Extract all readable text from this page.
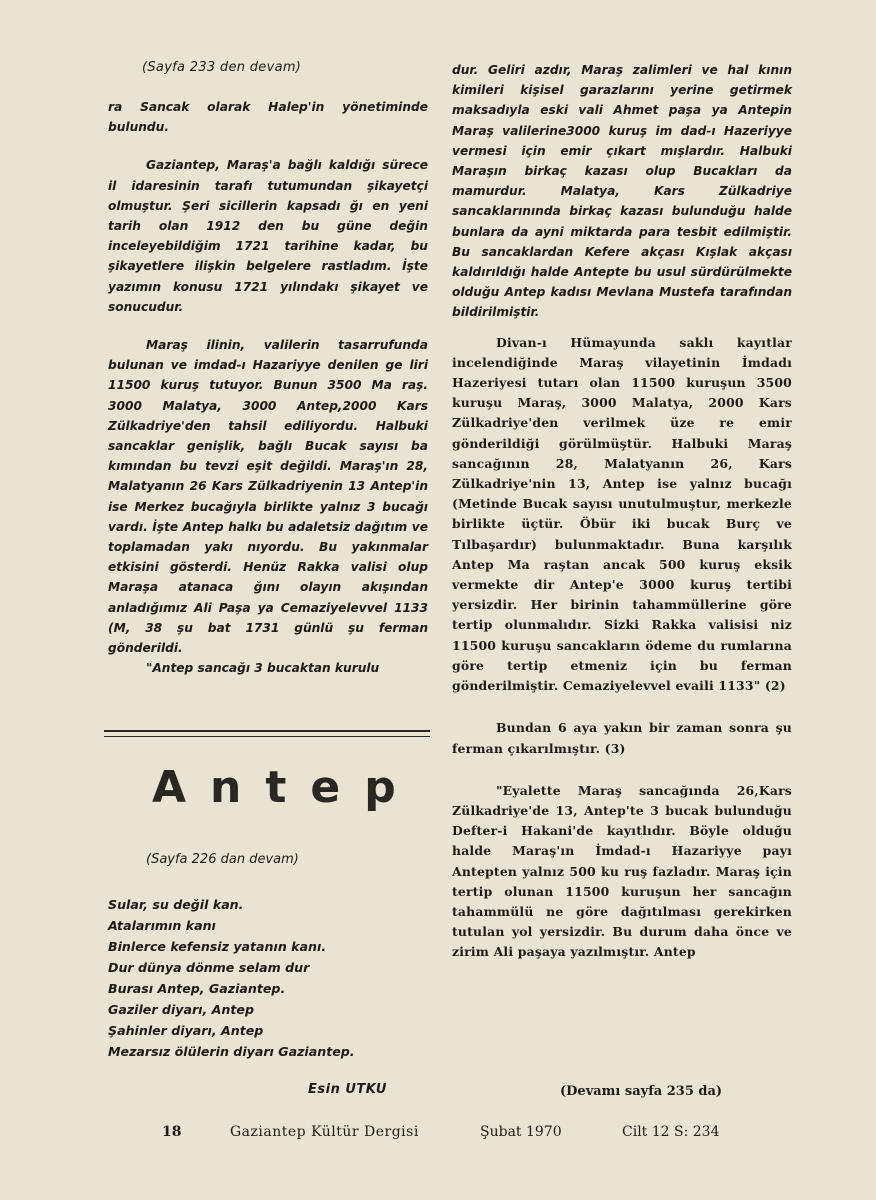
(Sayfa 233 den devam)

ra Sancak olarak Halep'in yönetiminde bulundu.

Gaziantep, Maraş'a bağlı kaldığı sürece il idaresinin tarafı tutumundan şikayetçi olmuştur. Şeri sicillerin kapsadı ğı en yeni tarih olan 1912 den bu güne değin inceleyebildiğim 1721 tarihine kadar, bu şikayetlere ilişkin belgelere rastladım. İşte yazımın konusu 1721 yılındakı şikayet ve sonucudur.

Maraş ilinin, valilerin tasarrufunda bulunan ve imdad-ı Hazariyye denilen ge liri 11500 kuruş tutuyor. Bunun 3500 Ma raş. 3000 Malatya, 3000 Antep,2000 Kars Zülkadriye'den tahsil ediliyordu. Halbuki sancaklar genişlik, bağlı Bucak sayısı ba kımından bu tevzi eşit değildi. Maraş'ın 28, Malatyanın 26 Kars Zülkadriyenin 13 Antep'in ise Merkez bucağıyla birlikte yalnız 3 bucağı vardı. İşte Antep halkı bu adaletsiz dağıtım ve toplamadan yakı nıyordu. Bu yakınmalar etkisini gösterdi. Henüz Rakka valisi olup Maraşa atanaca ğını olayın akışından anladığımız Ali Paşa ya Cemaziyelevvel 1133 (M, 38 şu bat 1731 günlü şu ferman gönderildi.

"Antep sancağı 3 bucaktan kurulu

Antep
(Sayfa 226 dan devam)
Sular, su değil kan.
Atalarımın kanı
Binlerce kefensiz yatanın kanı.
Dur dünya dönme selam dur
Burası Antep, Gaziantep.
Gaziler diyarı, Antep
Şahinler diyarı, Antep
Mezarsız ölülerin diyarı Gaziantep.
Esin UTKU

dur. Geliri azdır, Maraş zalimleri ve hal kının kimileri kişisel garazlarını yerine getirmek maksadıyla eski vali Ahmet paşa ya Antepin Maraş valilerine3000 kuruş im dad-ı Hazeriyye vermesi için emir çıkart mışlardır. Halbuki Maraşın birkaç kazası olup Bucakları da mamurdur. Malatya, Kars Zülkadriye sancaklarınında birkaç kazası bulunduğu halde bunlara da ayni miktarda para tesbit edilmiştir. Bu sancaklardan Kefere akçası Kışlak akçası kaldırıldığı halde Antepte bu usul sürdürülmekte olduğu Antep kadısı Mevlana Mustefa tarafından bildirilmiştir.

Divan-ı Hümayunda saklı kayıtlar incelendiğinde Maraş vilayetinin İmdadı Hazeriyesi tutarı olan 11500 kuruşun 3500 kuruşu Maraş, 3000 Malatya, 2000 Kars Zülkadriye'den verilmek üze re emir gönderildiği görülmüştür. Halbuki Maraş sancağının 28, Malatyanın 26, Kars Zülkadriye'nin 13, Antep ise yalnız bucağı (Metinde Bucak sayısı unutulmuştur, merkezle birlikte üçtür. Öbür iki bucak Burç ve Tılbaşardır) bulunmaktadır. Buna karşılık Antep Ma raştan ancak 500 kuruş eksik vermekte dir Antep'e 3000 kuruş tertibi yersizdir. Her birinin tahammüllerine göre tertip olunmalıdır. Sizki Rakka valisisi niz 11500 kuruşu sancakların ödeme du rumlarına göre tertip etmeniz için bu ferman gönderilmiştir. Cemaziyelevvel evaili 1133" (2)

Bundan 6 aya yakın bir zaman sonra şu ferman çıkarılmıştır. (3)

"Eyalette Maraş sancağında 26,Kars Zülkadriye'de 13, Antep'te 3 bucak bulunduğu Defter-i Hakani'de kayıtlıdır. Böyle olduğu halde Maraş'ın İmdad-ı Hazariyye payı Antepten yalnız 500 ku ruş fazladır. Maraş için tertip olunan 11500 kuruşun her sancağın tahammülü ne göre dağıtılması gerekirken tutulan yol yersizdir. Bu durum daha önce ve zirim Ali paşaya yazılmıştır. Antep

(Devamı sayfa 235 da)
18	Gaziantep Kültür Dergisi	Şubat 1970	Cilt 12 S: 234
